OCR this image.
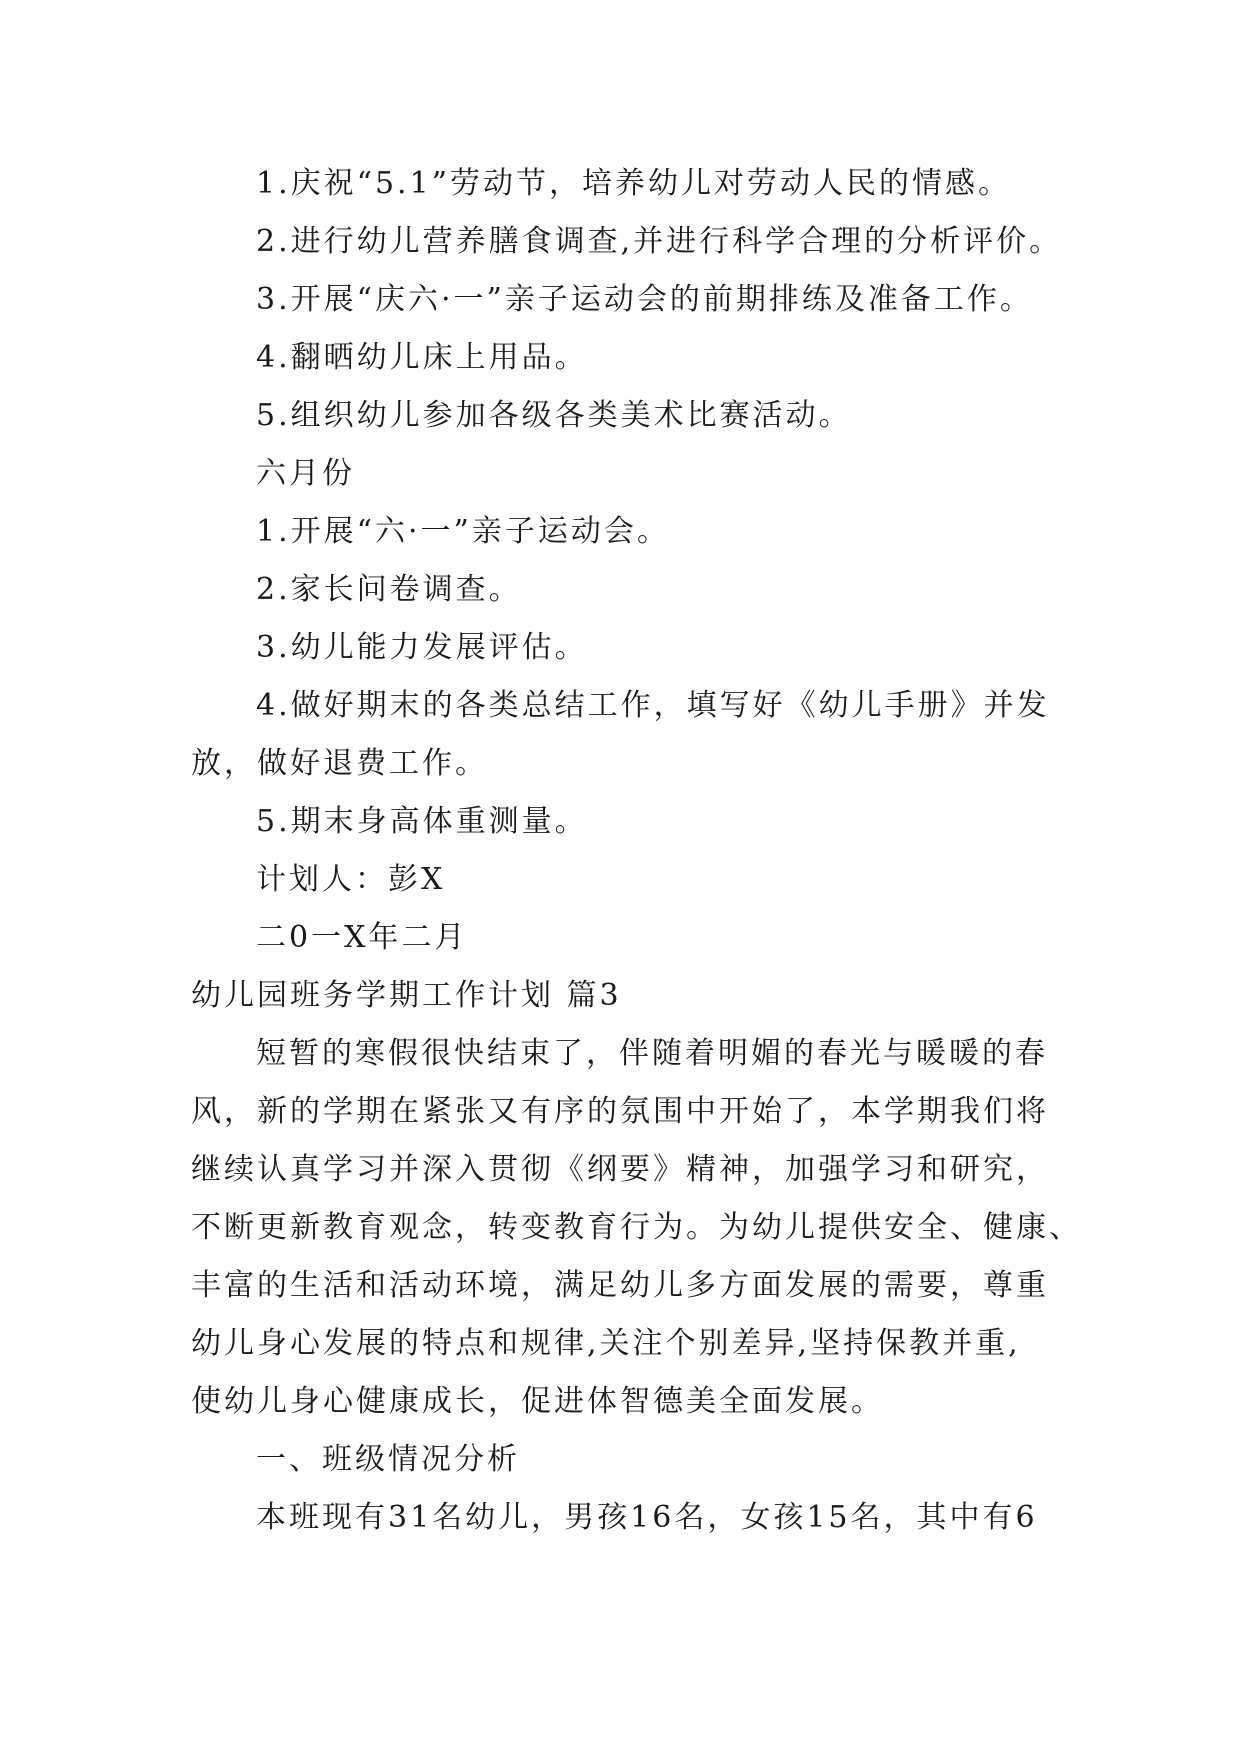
1.庆祝“5.1”劳动节，培养幼儿对劳动人民的情感。
2.进行幼儿营养膳食调查,并进行科学合理的分析评价。
3.开展“庆六·一”亲子运动会的前期排练及准备工作。
4.翻晒幼儿床上用品。
5.组织幼儿参加各级各类美术比赛活动。
六月份
1.开展“六·一”亲子运动会。
2.家长问卷调查。
3.幼儿能力发展评估。
4.做好期末的各类总结工作，填写好《幼儿手册》并发
放，做好退费工作。
5.期末身高体重测量。
计划人：彭X
二0一X年二月
幼儿园班务学期工作计划 篇3
短暂的寒假很快结束了，伴随着明媚的春光与暖暖的春
风，新的学期在紧张又有序的氛围中开始了，本学期我们将
继续认真学习并深入贯彻《纲要》精神，加强学习和研究，
不断更新教育观念，转变教育行为。为幼儿提供安全、健康、
丰富的生活和活动环境，满足幼儿多方面发展的需要，尊重
幼儿身心发展的特点和规律,关注个别差异,坚持保教并重,
使幼儿身心健康成长，促进体智德美全面发展。
一、班级情况分析
本班现有31名幼儿，男孩16名，女孩15名，其中有6
